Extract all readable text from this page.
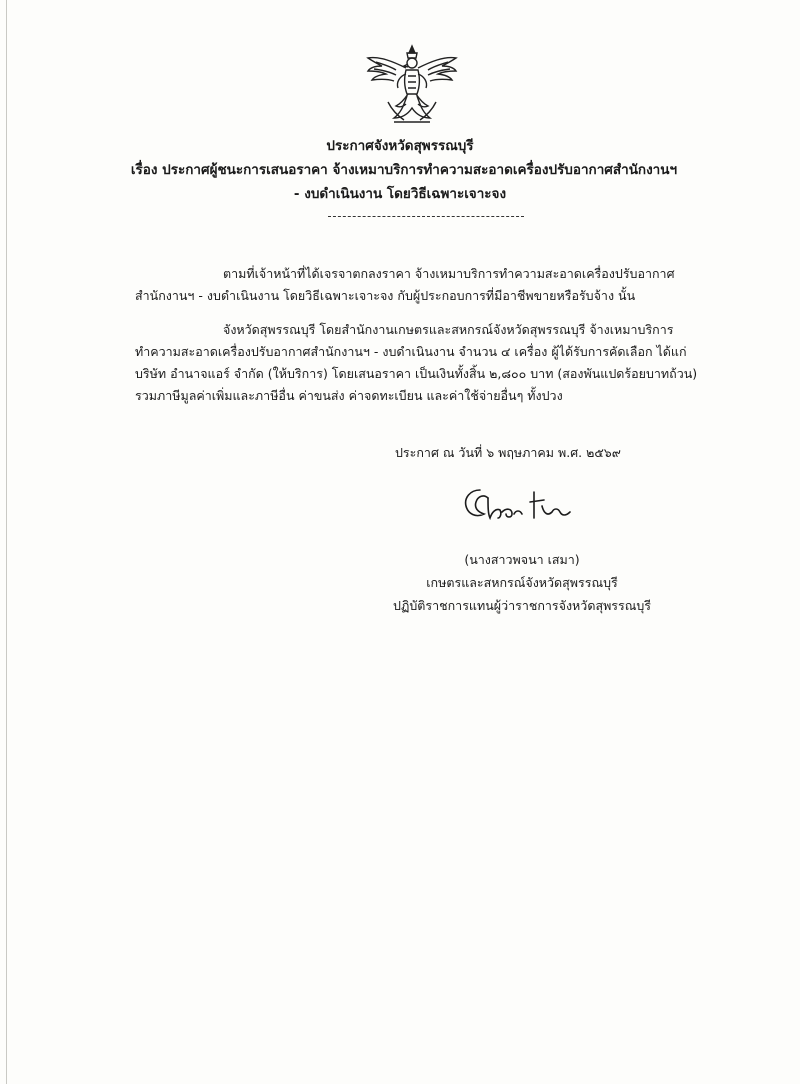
ประกาศจังหวัดสุพรรณบุรี
เรื่อง ประกาศผู้ชนะการเสนอราคา จ้างเหมาบริการทำความสะอาดเครื่องปรับอากาศสำนักงานฯ
- งบดำเนินงาน โดยวิธีเฉพาะเจาะจง
ตามที่เจ้าหน้าที่ได้เจรจาตกลงราคา จ้างเหมาบริการทำความสะอาดเครื่องปรับอากาศ
สำนักงานฯ - งบดำเนินงาน โดยวิธีเฉพาะเจาะจง กับผู้ประกอบการที่มีอาชีพขายหรือรับจ้าง นั้น
จังหวัดสุพรรณบุรี โดยสำนักงานเกษตรและสหกรณ์จังหวัดสุพรรณบุรี จ้างเหมาบริการ
ทำความสะอาดเครื่องปรับอากาศสำนักงานฯ - งบดำเนินงาน จำนวน ๔ เครื่อง ผู้ได้รับการคัดเลือก ได้แก่
บริษัท อำนาจแอร์ จำกัด (ให้บริการ) โดยเสนอราคา เป็นเงินทั้งสิ้น ๒,๘๐๐ บาท (สองพันแปดร้อยบาทถ้วน)
รวมภาษีมูลค่าเพิ่มและภาษีอื่น ค่าขนส่ง ค่าจดทะเบียน และค่าใช้จ่ายอื่นๆ ทั้งปวง
ประกาศ ณ วันที่ ๖ พฤษภาคม พ.ศ. ๒๕๖๙
(นางสาวพจนา เสมา)
เกษตรและสหกรณ์จังหวัดสุพรรณบุรี
ปฏิบัติราชการแทนผู้ว่าราชการจังหวัดสุพรรณบุรี
